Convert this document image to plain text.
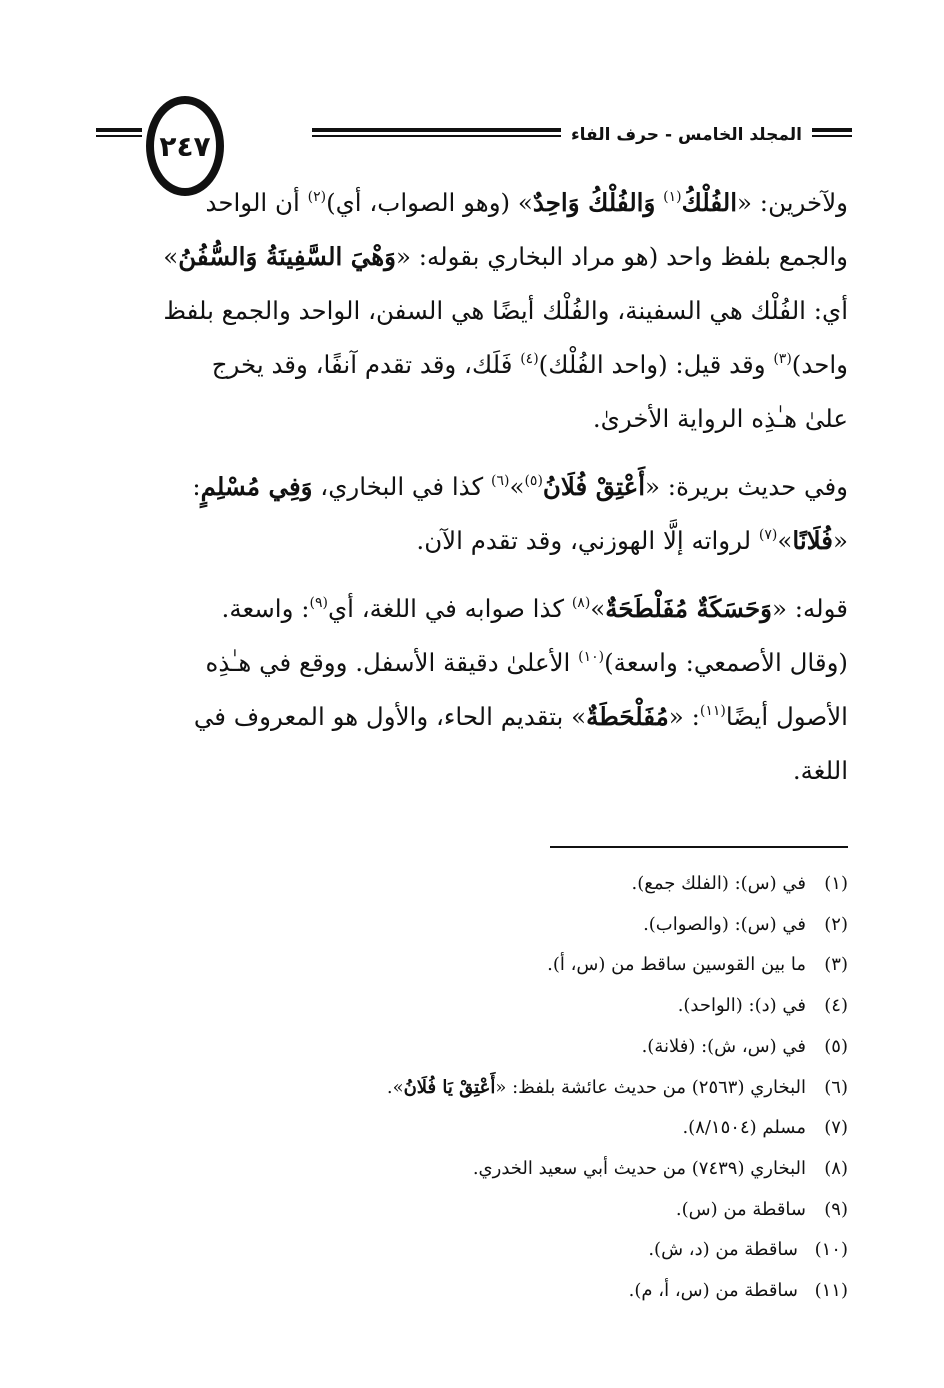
المجلد الخامس-حرف الفاء
٢٤٧

ولآخرين: «الفُلْكُ$^{(١)}$ وَالفُلْكُ وَاحِدٌ» (وهو الصواب، أي)$^{(٢)}$ أن الواحد
والجمع بلفظ واحد (هو مراد البخاري بقوله: «وَهْيَ السَّفِينَةُ وَالسُّفُنُ»
أي: الفُلْك هي السفينة، والفُلْك أيضًا هي السفن، الواحد والجمع بلفظ
واحد)$^{(٣)}$ وقد قيل: (واحد الفُلْك)$^{(٤)}$ فَلَك، وقد تقدم آنفًا، وقد يخرج
علىٰ هـٰذِه الرواية الأخرىٰ.

وفي حديث بريرة: «أَعْتِقْ فُلَانُ$^{(٥)}$»$^{(٦)}$ كذا في البخاري، وَفِي مُسْلِمٍ:
«فُلَانًا»$^{(٧)}$ لرواته إلَّا الهوزني، وقد تقدم الآن.

قوله: «وَحَسَكَةٌ مُفَلْطَحَةٌ»$^{(٨)}$ كذا صوابه في اللغة، أي$^{(٩)}$: واسعة.
(وقال الأصمعي: واسعة)$^{(١٠)}$ الأعلىٰ دقيقة الأسفل. ووقع في هـٰذِه
الأصول أيضًا$^{(١١)}$: «مُفَلْحَطَةٌ» بتقديم الحاء، والأول هو المعروف في
اللغة.

(١)
في (س): (الفلك جمع).
(٢)
في (س): (والصواب).
(٣)
ما بين القوسين ساقط من (س، أ).
(٤)
في (د): (الواحد).
(٥)
في (س، ش): (فلانة).
(٦)
البخاري (٢٥٦٣) من حديث عائشة بلفظ: «
أَعْتِقْ يَا فُلَانُ
».
(٧)
مسلم (٨/١٥٠٤).
(٨)
البخاري (٧٤٣٩) من حديث أبي سعيد الخدري.
(٩)
ساقطة من (س).
(١٠)
ساقطة من (د، ش).
(١١)
ساقطة من (س، أ، م).
